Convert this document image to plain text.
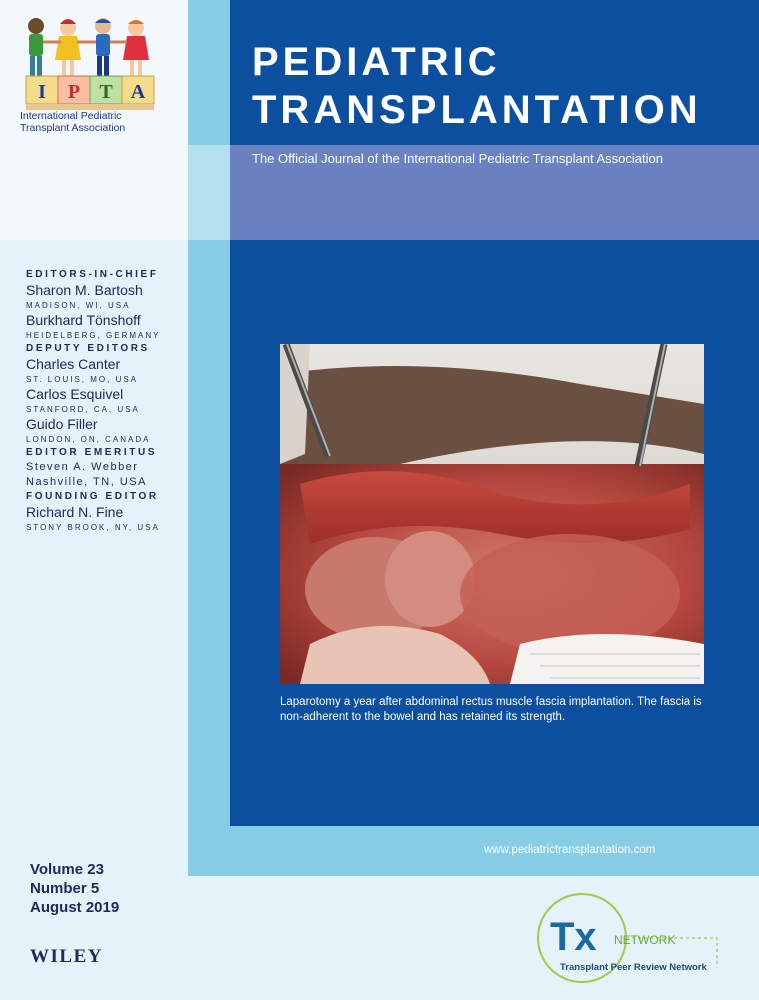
I P T A
International Pediatric
Transplant Association
PEDIATRIC
TRANSPLANTATION
The Official Journal of the International Pediatric Transplant Association

EDITORS-IN-CHIEF

Sharon M. Bartosh

MADISON, WI, USA

Burkhard Tönshoff

HEIDELBERG, GERMANY

DEPUTY EDITORS

Charles Canter

ST. LOUIS, MO, USA

Carlos Esquivel

STANFORD, CA, USA

Guido Filler

LONDON, ON, CANADA

EDITOR EMERITUS

Steven A. Webber

Nashville, TN, USA

FOUNDING EDITOR

Richard N. Fine

STONY BROOK, NY, USA

Laparotomy a year after abdominal rectus muscle fascia implantation. The fascia is non-adherent to the bowel and has retained its strength.
www.pediatrictransplantation.com
Volume 23
Number 5
August 2019
WILEY	Tx NETWORK
Transplant Peer Review Network
